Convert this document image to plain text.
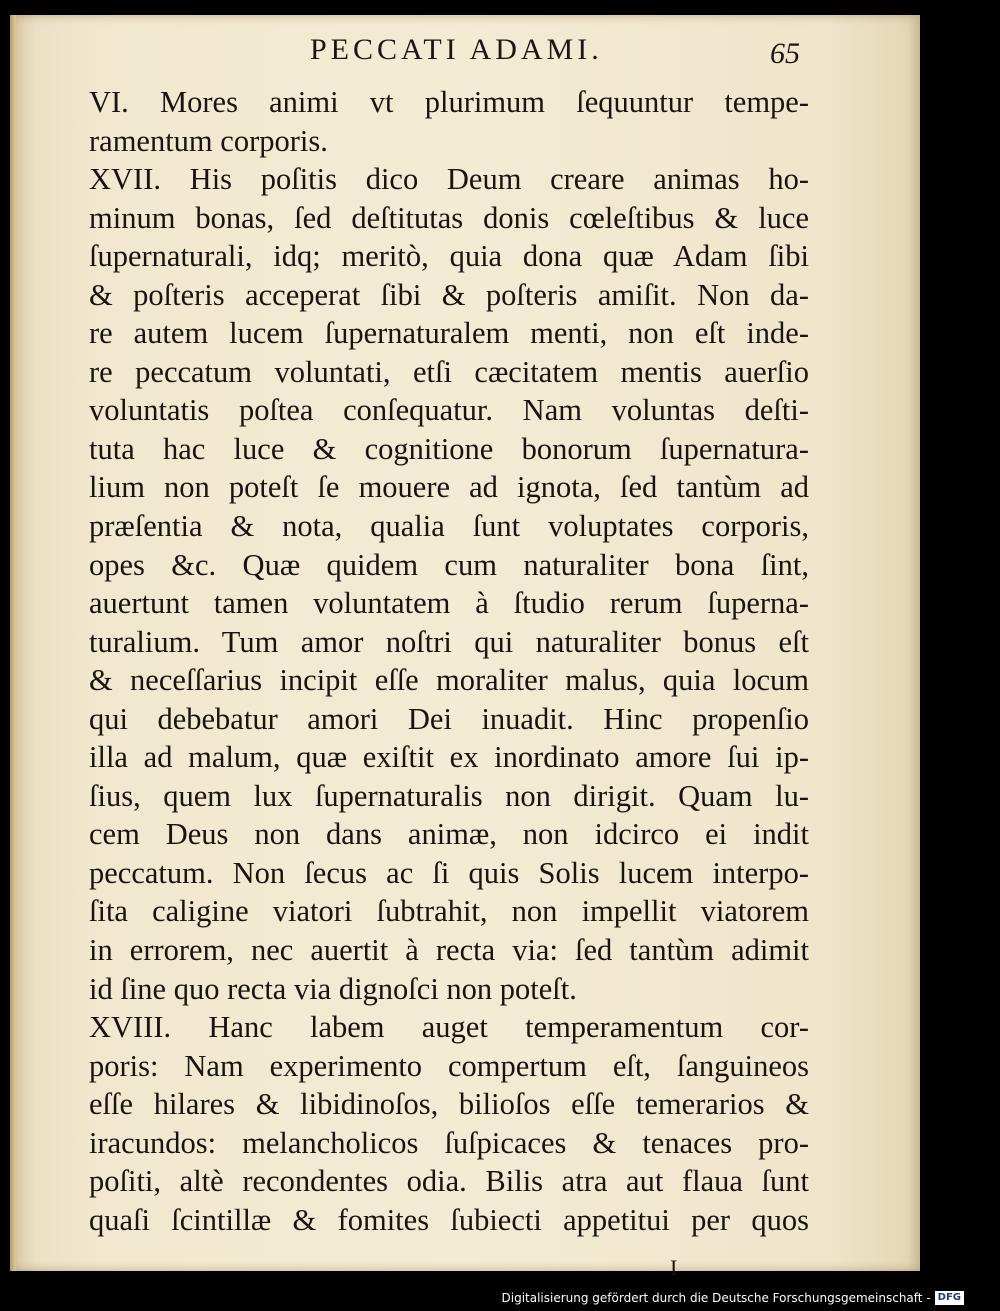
PECCATI ADAMI.	65
VI. Mores animi vt plurimum ſequuntur tempe-
ramentum corporis.
XVII. His poſitis dico Deum creare animas ho-
minum bonas, ſed deſtitutas donis cœleſtibus & luce
ſupernaturali, idq; meritò, quia dona quæ Adam ſibi
& poſteris acceperat ſibi & poſteris amiſit. Non da-
re autem lucem ſupernaturalem menti, non eſt inde-
re peccatum voluntati, etſi cæcitatem mentis auerſio
voluntatis poſtea conſequatur. Nam voluntas deſti-
tuta hac luce & cognitione bonorum ſupernatura-
lium non poteſt ſe mouere ad ignota, ſed tantùm ad
præſentia & nota, qualia ſunt voluptates corporis,
opes &c. Quæ quidem cum naturaliter bona ſint,
auertunt tamen voluntatem à ſtudio rerum ſuperna-
turalium. Tum amor noſtri qui naturaliter bonus eſt
& neceſſarius incipit eſſe moraliter malus, quia locum
qui debebatur amori Dei inuadit. Hinc propenſio
illa ad malum, quæ exiſtit ex inordinato amore ſui ip-
ſius, quem lux ſupernaturalis non dirigit. Quam lu-
cem Deus non dans animæ, non idcirco ei indit
peccatum. Non ſecus ac ſi quis Solis lucem interpo-
ſita caligine viatori ſubtrahit, non impellit viatorem
in errorem, nec auertit à recta via: ſed tantùm adimit
id ſine quo recta via dignoſci non poteſt.
XVIII. Hanc labem auget temperamentum cor-
poris: Nam experimento compertum eſt, ſanguineos
eſſe hilares & libidinoſos, bilioſos eſſe temerarios &
iracundos: melancholicos ſuſpicaces & tenaces pro-
poſiti, altè recondentes odia. Bilis atra aut flaua ſunt
quaſi ſcintillæ & fomites ſubiecti appetitui per quos
I
Digitalisierung gefördert durch die Deutsche Forschungsgemeinschaft - DFG
